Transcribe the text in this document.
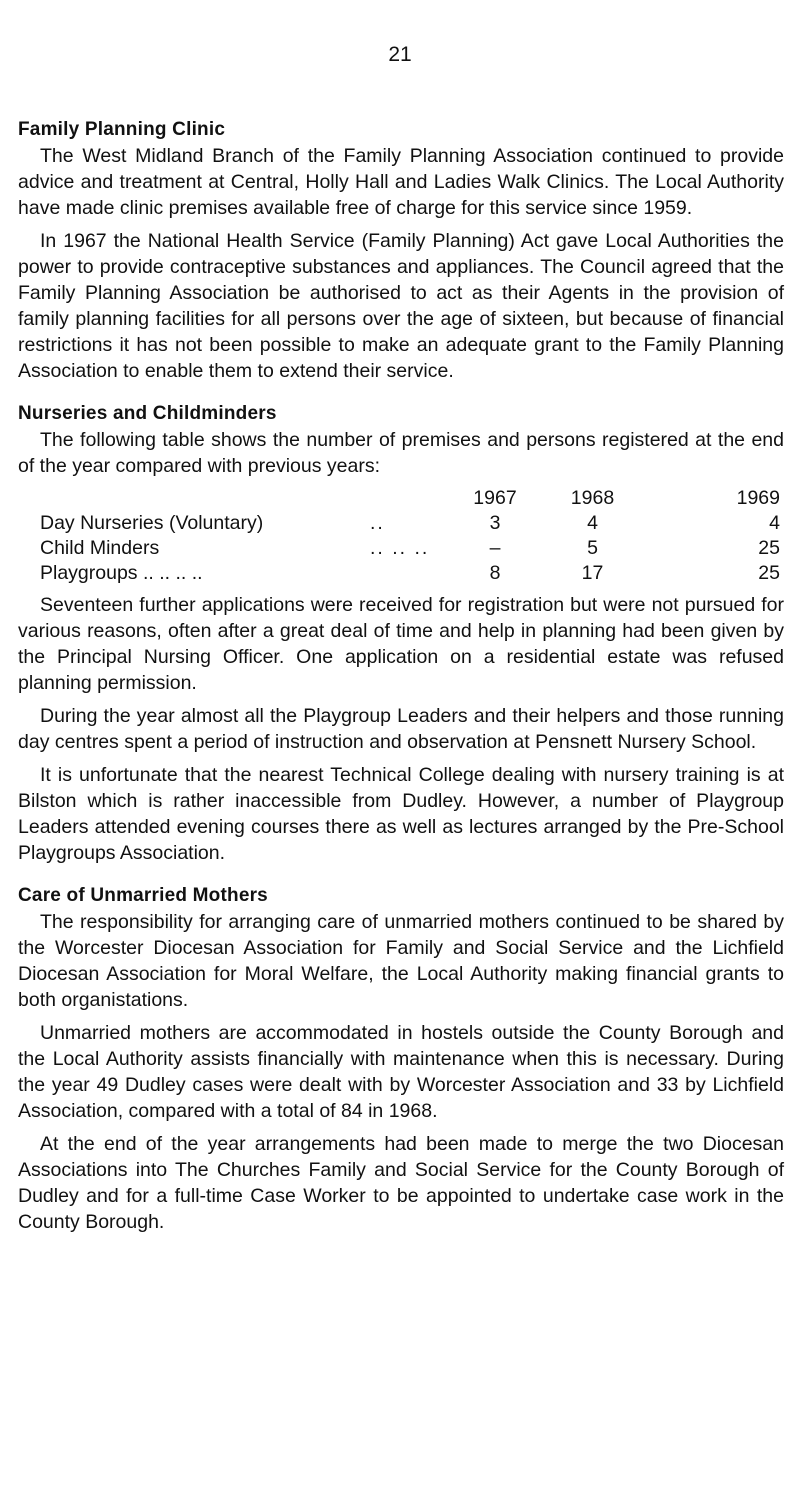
21
Family Planning Clinic

The West Midland Branch of the Family Planning Association continued to provide advice and treatment at Central, Holly Hall and Ladies Walk Clinics. The Local Authority have made clinic premises available free of charge for this service since 1959.

In 1967 the National Health Service (Family Planning) Act gave Local Authorities the power to provide contraceptive substances and appliances. The Council agreed that the Family Planning Association be authorised to act as their Agents in the provision of family planning facilities for all persons over the age of sixteen, but because of financial restrictions it has not been possible to make an adequate grant to the Family Planning Association to enable them to extend their service.

Nurseries and Childminders

The following table shows the number of premises and persons registered at the end of the year compared with previous years:

		1967	1968	1969
Day Nurseries (Voluntary)	..	3	4	4
Child Minders	.. .. ..	–	5	25
Playgroups .. .. .. ..		8	17	25

Seventeen further applications were received for registration but were not pursued for various reasons, often after a great deal of time and help in planning had been given by the Principal Nursing Officer. One application on a residential estate was refused planning permission.

During the year almost all the Playgroup Leaders and their helpers and those running day centres spent a period of instruction and observation at Pensnett Nursery School.

It is unfortunate that the nearest Technical College dealing with nursery training is at Bilston which is rather inaccessible from Dudley. However, a number of Playgroup Leaders attended evening courses there as well as lectures arranged by the Pre-School Playgroups Association.

Care of Unmarried Mothers

The responsibility for arranging care of unmarried mothers continued to be shared by the Worcester Diocesan Association for Family and Social Service and the Lichfield Diocesan Association for Moral Welfare, the Local Authority making financial grants to both organistations.

Unmarried mothers are accommodated in hostels outside the County Borough and the Local Authority assists financially with maintenance when this is necessary. During the year 49 Dudley cases were dealt with by Worcester Association and 33 by Lichfield Association, compared with a total of 84 in 1968.

At the end of the year arrangements had been made to merge the two Diocesan Associations into The Churches Family and Social Service for the County Borough of Dudley and for a full-time Case Worker to be appointed to undertake case work in the County Borough.
